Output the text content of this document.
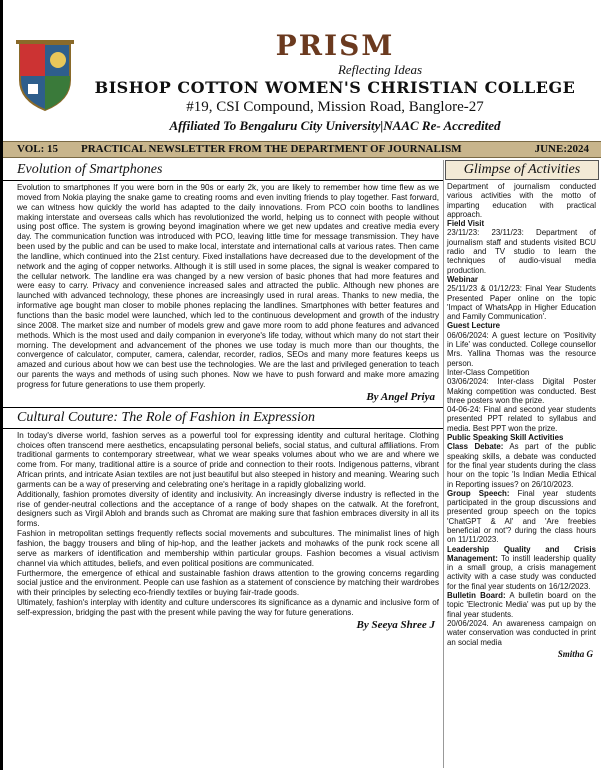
PRISM
Reflecting Ideas
BISHOP COTTON WOMEN'S CHRISTIAN COLLEGE
#19, CSI Compound, Mission Road, Banglore-27
Affiliated To Bengaluru City University|NAAC Re- Accredited
VOL: 15 PRACTICAL NEWSLETTER FROM THE DEPARTMENT OF JOURNALISM	JUNE:2024
Evolution of Smartphones
Evolution to smartphones If you were born in the 90s or early 2k, you are likely to remember how time flew as we moved from Nokia playing the snake game to creating rooms and even inviting friends to play together. Fast forward, we can witness how quickly the world has adapted to the daily innovations. From PCO coin booths to landlines making interstate and overseas calls which has revolutionized the world, helping us to connect with people without using post office. The system is growing beyond imagination where we get new updates and creative media every day. The communication function was introduced with PCO, leaving little time for message transmission. They have been used by the public and can be used to make local, interstate and international calls at various rates. Then came the landline, which continued into the 21st century. Fixed installations have decreased due to the development of the network and the aging of copper networks. Although it is still used in some places, the signal is weaker compared to the cellular network. The landline era was changed by a new version of basic phones that had more features and were easy to carry. Privacy and convenience increased sales and attracted the public. Although new phones are launched with advanced technology, these phones are increasingly used in rural areas. Thanks to new media, the informative age bought man closer to mobile phones replacing the landlines. Smartphones with better features and functions than the basic model were launched, which led to the continuous development and growth of the industry since 2008. The market size and number of models grew and gave more room to add phone features and advanced methods. Which is the most used and daily companion in everyone's life today, without which many do not start their morning. The development and advancement of the phones we use today is much more than our thoughts, the convergence of calculator, computer, camera, calendar, recorder, radios, SEOs and many more features keeps us amazed and curious about how we can best use the technologies. We are the last and privileged generation to teach our parents the ways and methods of using such phones. Now we have to push forward and make more amazing progress for future generations to use them properly.
By Angel Priya
Cultural Couture: The Role of Fashion in Expression
In today's diverse world, fashion serves as a powerful tool for expressing identity and cultural heritage. Clothing choices often transcend mere aesthetics, encapsulating personal beliefs, social status, and cultural affiliations. From traditional garments to contemporary streetwear, what we wear speaks volumes about who we are and where we come from. For many, traditional attire is a source of pride and connection to their roots. Indigenous patterns, vibrant African prints, and intricate Asian textiles are not just beautiful but also steeped in history and meaning. Wearing such garments can be a way of preserving and celebrating one's heritage in a rapidly globalizing world.
Additionally, fashion promotes diversity of identity and inclusivity. An increasingly diverse industry is reflected in the rise of gender-neutral collections and the acceptance of a range of body shapes on the catwalk. At the forefront, designers such as Virgil Abloh and brands such as Chromat are making sure that fashion embraces diversity in all its forms.
Fashion in metropolitan settings frequently reflects social movements and subcultures. The minimalist lines of high fashion, the baggy trousers and bling of hip-hop, and the leather jackets and mohawks of the punk rock scene all serve as markers of identification and membership within particular groups. Fashion becomes a visual activism channel via which attitudes, beliefs, and even political positions are communicated.
Furthermore, the emergence of ethical and sustainable fashion draws attention to the growing concerns regarding social justice and the environment. People can use fashion as a statement of conscience by matching their wardrobes with their principles by selecting eco-friendly textiles or buying fair-trade goods.
Ultimately, fashion's interplay with identity and culture underscores its significance as a dynamic and inclusive form of self-expression, bridging the past with the present while paving the way for future generations.
By Seeya Shree J
Glimpse of Activities

Department of journalism conducted various activities with the motto of imparting education with practical approach.

Field Visit

23/11/23: 23/11/23: Department of journalism staff and students visited BCU radio and TV studio to learn the techniques of audio-visual media production.

Webinar

25/11/23 & 01/12/23: Final Year Students Presented Paper online on the topic 'Impact of WhatsApp in Higher Education and Family Communication'.

Guest Lecture

06/06/2024: A guest lecture on 'Positivity in Life' was conducted. College counsellor Mrs. Yallina Thomas was the resource person.

Inter-Class Competition

03/06/2024: Inter-class Digital Poster Making competition was conducted. Best three posters won the prize.

04-06-24: Final and second year students presented PPT related to syllabus and media. Best PPT won the prize.

Public Speaking Skill Activities

Class Debate: As part of the public speaking skills, a debate was conducted for the final year students during the class hour on the topic 'Is Indian Media Ethical in Reporting issues? on 26/10/2023.

Group Speech: Final year students participated in the group discussions and presented group speech on the topics 'ChatGPT & AI' and 'Are freebies beneficial or not'? during the class hours on 11/11/2023.

Leadership Quality and Crisis Management: To instill leadership quality in a small group, a crisis management activity with a case study was conducted for the final year students on 16/12/2023.

Bulletin Board: A bulletin board on the topic 'Electronic Media' was put up by the final year students.

20/06/2024. An awareness campaign on water conservation was conducted in print an social media

Smitha G
